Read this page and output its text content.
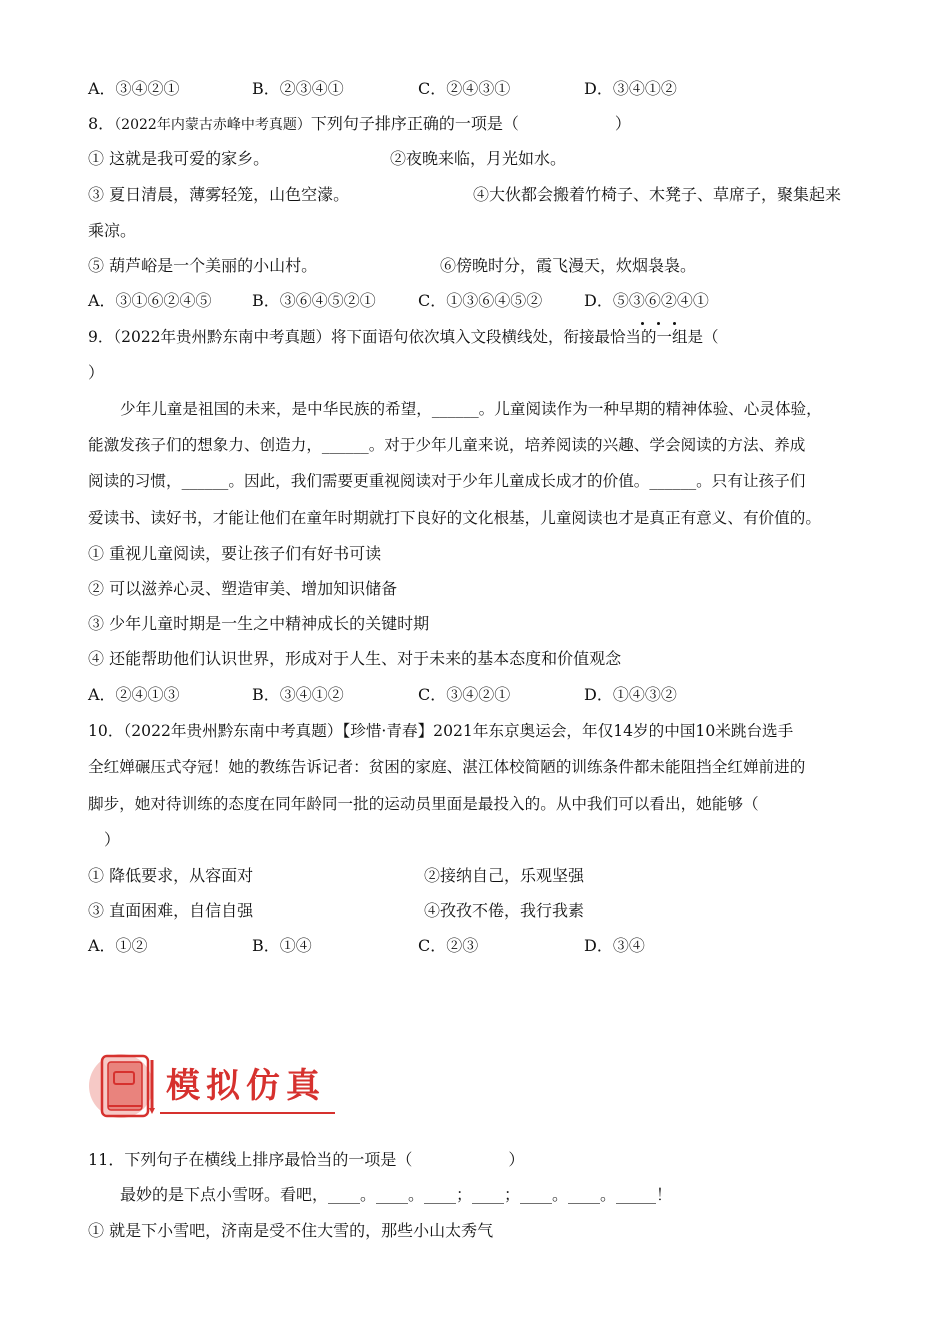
A．③④②①	B．②③④①	C．②④③①	D．③④①②
8．（2022年内蒙古赤峰中考真题）下列句子排序正确的一项是（　　　　　　）
① 这就是我可爱的家乡。	②夜晚来临，月光如水。
③ 夏日清晨，薄雾轻笼，山色空濛。	④大伙都会搬着竹椅子、木凳子、草席子，聚集起来
乘凉。
⑤ 葫芦峪是一个美丽的小山村。	⑥傍晚时分，霞飞漫天，炊烟袅袅。
A．③①⑥②④⑤	B．③⑥④⑤②①	C．①③⑥④⑤②	D．⑤③⑥②④①
9．（2022年贵州黔东南中考真题）将下面语句依次填入文段横线处，衔接最恰当的一组是（
）
少年儿童是祖国的未来，是中华民族的希望，______。儿童阅读作为一种早期的精神体验、心灵体验，
能激发孩子们的想象力、创造力，______。对于少年儿童来说，培养阅读的兴趣、学会阅读的方法、养成
阅读的习惯，______。因此，我们需要更重视阅读对于少年儿童成长成才的价值。______。只有让孩子们
爱读书、读好书，才能让他们在童年时期就打下良好的文化根基，儿童阅读也才是真正有意义、有价值的。
① 重视儿童阅读，要让孩子们有好书可读
② 可以滋养心灵、塑造审美、增加知识储备
③ 少年儿童时期是一生之中精神成长的关键时期
④ 还能帮助他们认识世界，形成对于人生、对于未来的基本态度和价值观念
A．②④①③	B．③④①②	C．③④②①	D．①④③②
10．（2022年贵州黔东南中考真题）【珍惜·青春】2021年东京奥运会，年仅14岁的中国10米跳台选手
全红婵碾压式夺冠！她的教练告诉记者：贫困的家庭、湛江体校简陋的训练条件都未能阻挡全红婵前进的
脚步，她对待训练的态度在同年龄同一批的运动员里面是最投入的。从中我们可以看出，她能够（
）
① 降低要求，从容面对	②接纳自己，乐观坚强
③ 直面困难，自信自强	④孜孜不倦，我行我素
A．①②	B．①④	C．②③	D．③④
模拟仿真
11．下列句子在横线上排序最恰当的一项是（　　　　　　）
最妙的是下点小雪呀。看吧，____。____。____；____；____。____。_____！
① 就是下小雪吧，济南是受不住大雪的，那些小山太秀气
